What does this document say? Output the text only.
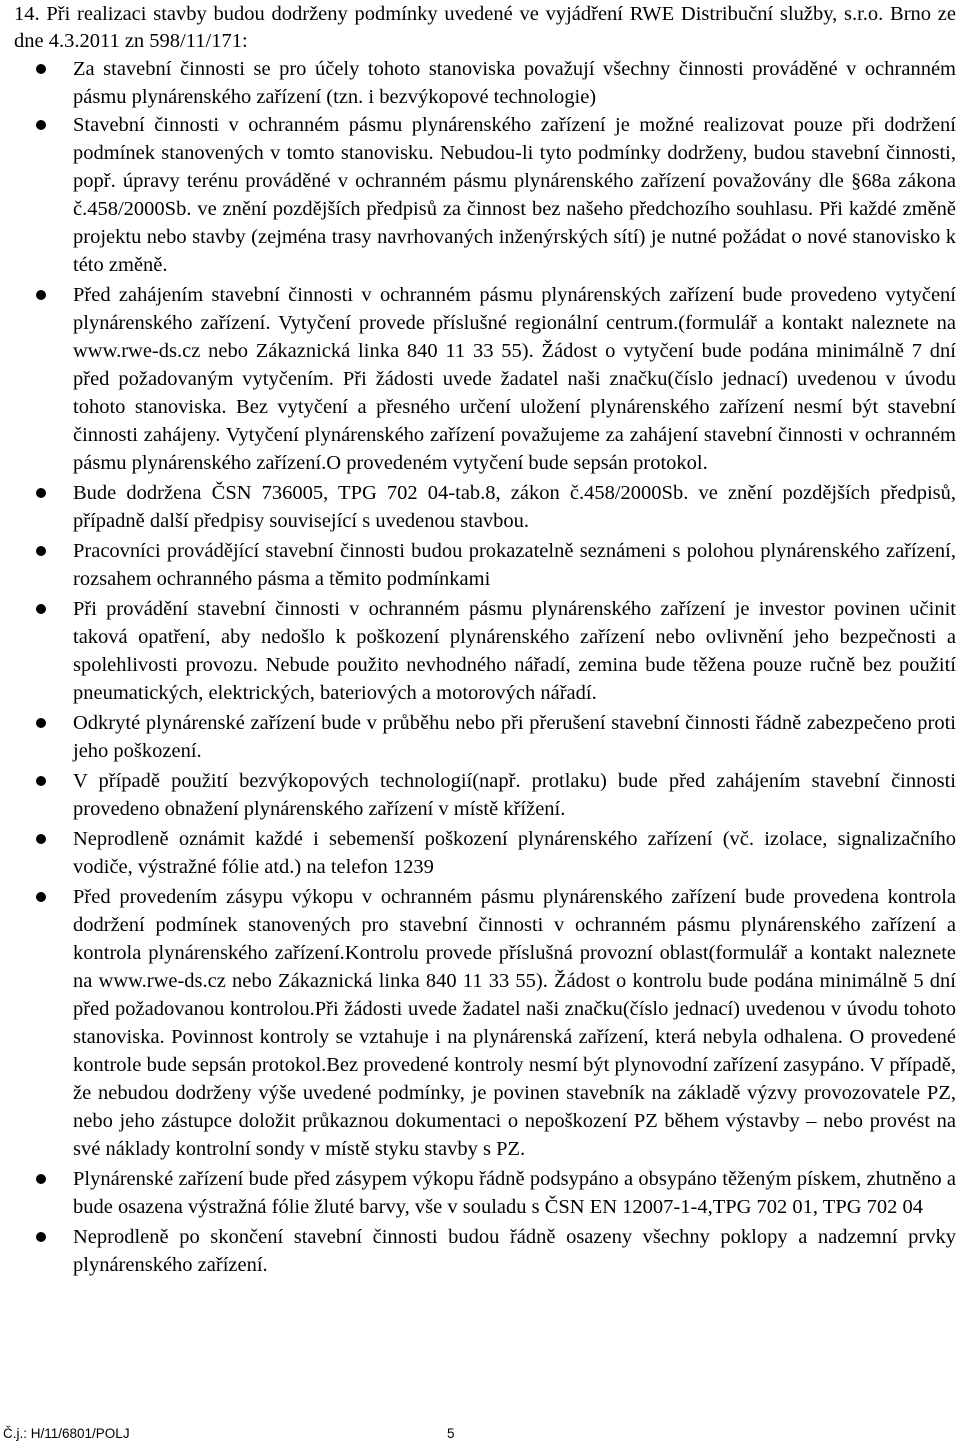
14. Při realizaci stavby budou dodrženy podmínky uvedené ve vyjádření RWE Distribuční služby, s.r.o. Brno ze dne 4.3.2011 zn 598/11/171:

Za stavební činnosti se pro účely tohoto stanoviska považují všechny činnosti prováděné v ochranném pásmu plynárenského zařízení (tzn. i bezvýkopové technologie)
Stavební činnosti v ochranném pásmu plynárenského zařízení je možné realizovat pouze při dodržení podmínek stanovených v tomto stanovisku. Nebudou-li tyto podmínky dodrženy, budou stavební činnosti, popř. úpravy terénu prováděné v ochranném pásmu plynárenského zařízení považovány dle §68a zákona č.458/2000Sb. ve znění pozdějších předpisů za činnost bez našeho předchozího souhlasu. Při každé změně projektu nebo stavby (zejména trasy navrhovaných inženýrských sítí) je nutné požádat o nové stanovisko k této změně.
Před zahájením stavební činnosti v ochranném pásmu plynárenských zařízení bude provedeno vytyčení plynárenského zařízení. Vytyčení provede příslušné regionální centrum.(formulář a kontakt naleznete na www.rwe-ds.cz nebo Zákaznická linka 840 11 33 55). Žádost o vytyčení bude podána minimálně 7 dní před požadovaným vytyčením. Při žádosti uvede žadatel naši značku(číslo jednací) uvedenou v úvodu tohoto stanoviska. Bez vytyčení a přesného určení uložení plynárenského zařízení nesmí být stavební činnosti zahájeny. Vytyčení plynárenského zařízení považujeme za zahájení stavební činnosti v ochranném pásmu plynárenského zařízení.O provedeném vytyčení bude sepsán protokol.
Bude dodržena ČSN 736005, TPG 702 04-tab.8, zákon č.458/2000Sb. ve znění pozdějších předpisů, případně další předpisy související s uvedenou stavbou.
Pracovníci provádějící stavební činnosti budou prokazatelně seznámeni s polohou plynárenského zařízení, rozsahem ochranného pásma a těmito podmínkami
Při provádění stavební činnosti v ochranném pásmu plynárenského zařízení je investor povinen učinit taková opatření, aby nedošlo k poškození plynárenského zařízení nebo ovlivnění jeho bezpečnosti a spolehlivosti provozu. Nebude použito nevhodného nářadí, zemina bude těžena pouze ručně bez použití pneumatických, elektrických, bateriových a motorových nářadí.
Odkryté plynárenské zařízení bude v průběhu nebo při přerušení stavební činnosti řádně zabezpečeno proti jeho poškození.
V případě použití bezvýkopových technologií(např. protlaku) bude před zahájením stavební činnosti provedeno obnažení plynárenského zařízení v místě křížení.
Neprodleně oznámit každé i sebemenší poškození plynárenského zařízení (vč. izolace, signalizačního vodiče, výstražné fólie atd.) na telefon 1239
Před provedením zásypu výkopu v ochranném pásmu plynárenského zařízení bude provedena kontrola dodržení podmínek stanovených pro stavební činnosti v ochranném pásmu plynárenského zařízení a kontrola plynárenského zařízení.Kontrolu provede příslušná provozní oblast(formulář a kontakt naleznete na www.rwe-ds.cz nebo Zákaznická linka 840 11 33 55). Žádost o kontrolu bude podána minimálně 5 dní před požadovanou kontrolou.Při žádosti uvede žadatel naši značku(číslo jednací) uvedenou v úvodu tohoto stanoviska. Povinnost kontroly se vztahuje i na plynárenská zařízení, která nebyla odhalena. O provedené kontrole bude sepsán protokol.Bez provedené kontroly nesmí být plynovodní zařízení zasypáno. V případě, že nebudou dodrženy výše uvedené podmínky, je povinen stavebník na základě výzvy provozovatele PZ, nebo jeho zástupce doložit průkaznou dokumentaci o nepoškození PZ během výstavby – nebo provést na své náklady kontrolní sondy v místě styku stavby s PZ.
Plynárenské zařízení bude před zásypem výkopu řádně podsypáno a obsypáno těženým pískem, zhutněno a bude osazena výstražná fólie žluté barvy, vše v souladu s ČSN EN 12007-1-4,TPG 702 01, TPG 702 04
Neprodleně po skončení stavební činnosti budou řádně osazeny všechny poklopy a nadzemní prvky plynárenského zařízení.
Č.j.: H/11/6801/POLJ	5
